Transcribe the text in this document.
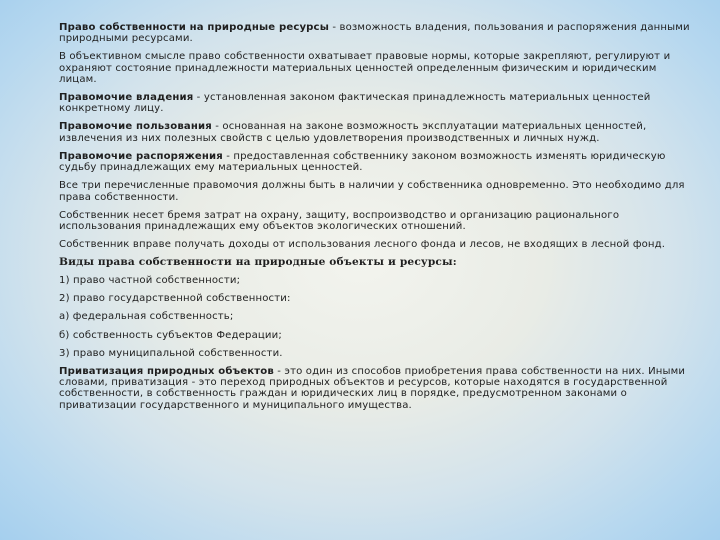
Право собственности на природные ресурсы - возможность владения, пользования и распоряжения данными природными ресурсами.

В объективном смысле право собственности охватывает правовые нормы, которые закрепляют, регулируют и охраняют состояние принадлежности материальных ценностей определенным физическим и юридическим лицам.

Правомочие владения - установленная законом фактическая принадлежность материальных ценностей конкретному лицу.

Правомочие пользования - основанная на законе возможность эксплуатации материальных ценностей, извлечения из них полезных свойств с целью удовлетворения производственных и личных нужд.

Правомочие распоряжения - предоставленная собственнику законом возможность изменять юридическую судьбу принадлежащих ему материальных ценностей.

Все три перечисленные правомочия должны быть в наличии у собственника одновременно. Это необходимо для права собственности.

Собственник несет бремя затрат на охрану, защиту, воспроизводство и организацию рационального использования принадлежащих ему объектов экологических отношений.

Собственник вправе получать доходы от использования лесного фонда и лесов, не входящих в лесной фонд.

Виды права собственности на природные объекты и ресурсы:

1) право частной собственности;

2) право государственной собственности:

а) федеральная собственность;

б) собственность субъектов Федерации;

3) право муниципальной собственности.

Приватизация природных объектов - это один из способов приобретения права собственности на них. Иными словами, приватизация - это переход природных объектов и ресурсов, которые находятся в государственной собственности, в собственность граждан и юридических лиц в порядке, предусмотренном законами о приватизации государственного и муниципального имущества.
